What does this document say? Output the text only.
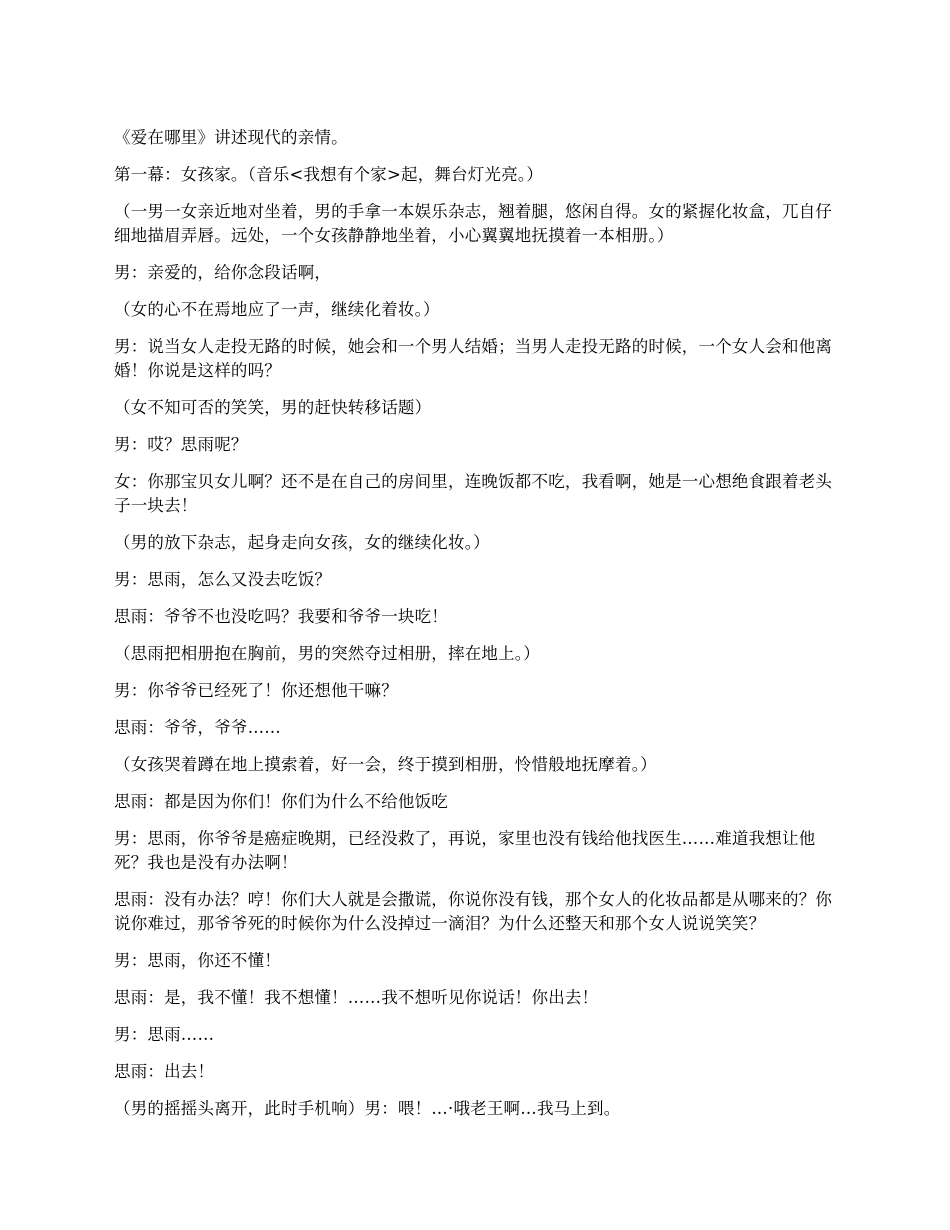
《爱在哪里》讲述现代的亲情。

第一幕：女孩家。（音乐<我想有个家>起，舞台灯光亮。）

（一男一女亲近地对坐着，男的手拿一本娱乐杂志，翘着腿，悠闲自得。女的紧握化妆盒，兀自仔细地描眉弄唇。远处，一个女孩静静地坐着，小心翼翼地抚摸着一本相册。）

男：亲爱的，给你念段话啊，

（女的心不在焉地应了一声，继续化着妆。）

男：说当女人走投无路的时候，她会和一个男人结婚；当男人走投无路的时候，一个女人会和他离婚！你说是这样的吗？

（女不知可否的笑笑，男的赶快转移话题）

男：哎？思雨呢？

女：你那宝贝女儿啊？还不是在自己的房间里，连晚饭都不吃，我看啊，她是一心想绝食跟着老头子一块去！

（男的放下杂志，起身走向女孩，女的继续化妆。）

男：思雨，怎么又没去吃饭？

思雨：爷爷不也没吃吗？我要和爷爷一块吃！

（思雨把相册抱在胸前，男的突然夺过相册，摔在地上。）

男：你爷爷已经死了！你还想他干嘛？

思雨：爷爷，爷爷……

（女孩哭着蹲在地上摸索着，好一会，终于摸到相册，怜惜般地抚摩着。）

思雨：都是因为你们！你们为什么不给他饭吃

男：思雨，你爷爷是癌症晚期，已经没救了，再说，家里也没有钱给他找医生……难道我想让他死？我也是没有办法啊！

思雨：没有办法？哼！你们大人就是会撒谎，你说你没有钱，那个女人的化妆品都是从哪来的？你说你难过，那爷爷死的时候你为什么没掉过一滴泪？为什么还整天和那个女人说说笑笑？

男：思雨，你还不懂！

思雨：是，我不懂！我不想懂！……我不想听见你说话！你出去！

男：思雨……

思雨：出去！

（男的摇摇头离开，此时手机响）男：喂！…·哦老王啊…我马上到。
